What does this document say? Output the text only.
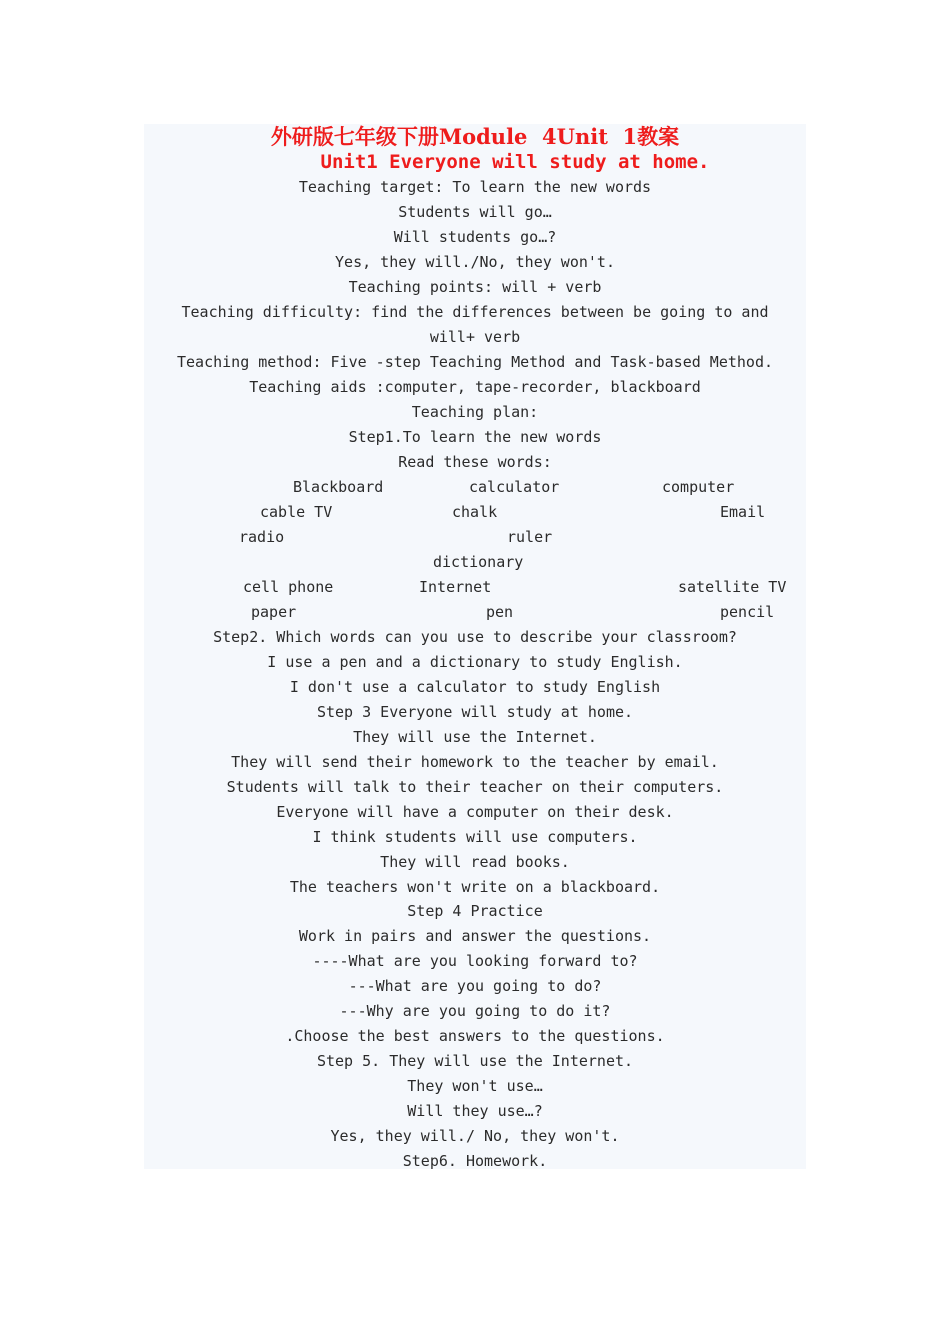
外研版七年级下册Module  4Unit  1教案
Unit1 Everyone will study at home.
Teaching target: To learn the new words
Students will go…
Will students go…?
Yes, they will./No, they won't.
Teaching points: will + verb
Teaching difficulty: find the differences between be going to and
will+ verb
Teaching method: Five -step Teaching Method and Task-based Method.
Teaching aids :computer, tape-recorder, blackboard
Teaching plan:
Step1.To learn the new words
Read these words:
Blackboard	calculator	computer
cable TV	chalk	Email
radio	ruler
dictionary
cell phone	Internet	satellite TV
paper	pen	pencil
Step2. Which words can you use to describe your classroom?
I use a pen and a dictionary to study English.
I don't use a calculator to study English
Step 3 Everyone will study at home.
They will use the Internet.
They will send their homework to the teacher by email.
Students will talk to their teacher on their computers.
Everyone will have a computer on their desk.
I think students will use computers.
They will read books.
The teachers won't write on a blackboard.
Step 4 Practice
Work in pairs and answer the questions.
----What are you looking forward to?
---What are you going to do?
---Why are you going to do it?
.Choose the best answers to the questions.
Step 5. They will use the Internet.
They won't use…
Will they use…?
Yes, they will./ No, they won't.
Step6. Homework.
